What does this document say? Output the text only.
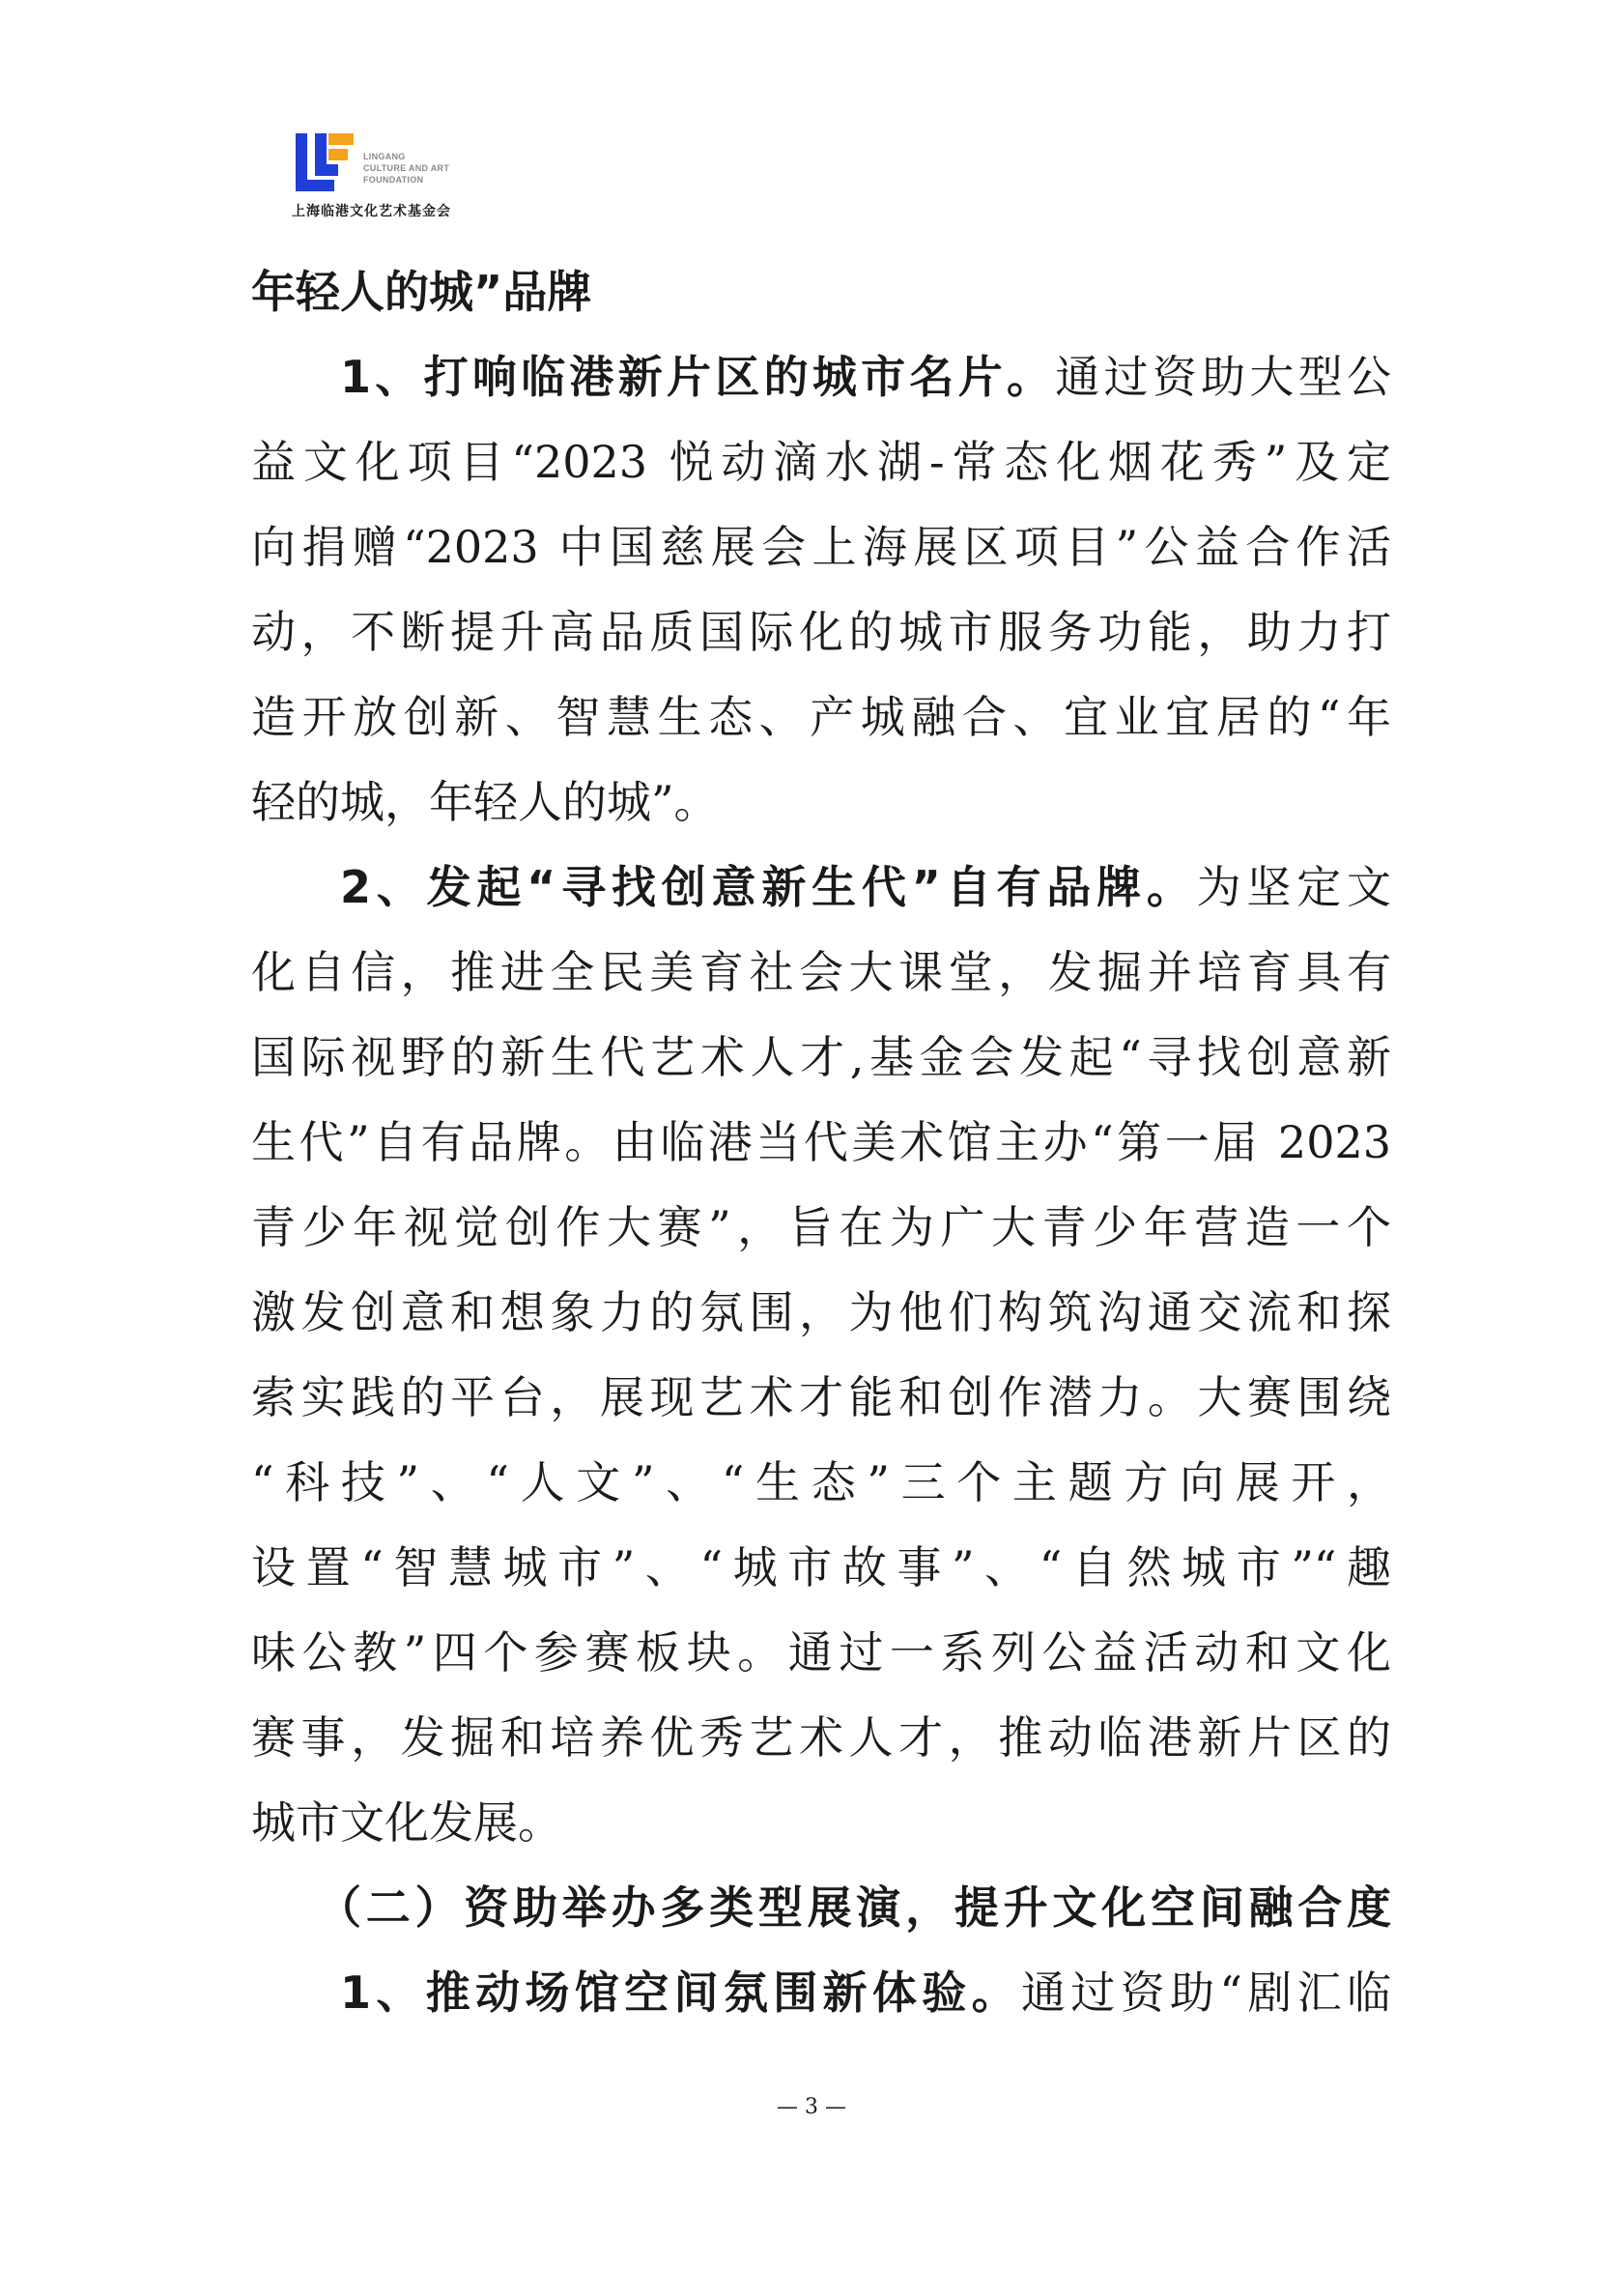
LINGANG
CULTURE AND ART
FOUNDATION
上海临港文化艺术基金会
年轻人的城”品牌
1、打响临港新片区的城市名片。通过资助大型公
益文化项目“2023 悦动滴水湖-常态化烟花秀”及定
向捐赠“2023 中国慈展会上海展区项目”公益合作活
动，不断提升高品质国际化的城市服务功能，助力打
造开放创新、智慧生态、产城融合、宜业宜居的“年
轻的城，年轻人的城”。
2、发起“寻找创意新生代”自有品牌。为坚定文
化自信，推进全民美育社会大课堂，发掘并培育具有
国际视野的新生代艺术人才,基金会发起“寻找创意新
生代”自有品牌。由临港当代美术馆主办“第一届 2023
青少年视觉创作大赛”，旨在为广大青少年营造一个
激发创意和想象力的氛围，为他们构筑沟通交流和探
索实践的平台，展现艺术才能和创作潜力。大赛围绕
“科技”、“人文”、“生态”三个主题方向展开，
设置“智慧城市”、“城市故事”、“自然城市”“趣
味公教”四个参赛板块。通过一系列公益活动和文化
赛事，发掘和培养优秀艺术人才，推动临港新片区的
城市文化发展。
（二）资助举办多类型展演，提升文化空间融合度
1、推动场馆空间氛围新体验。通过资助“剧汇临
— 3 —
